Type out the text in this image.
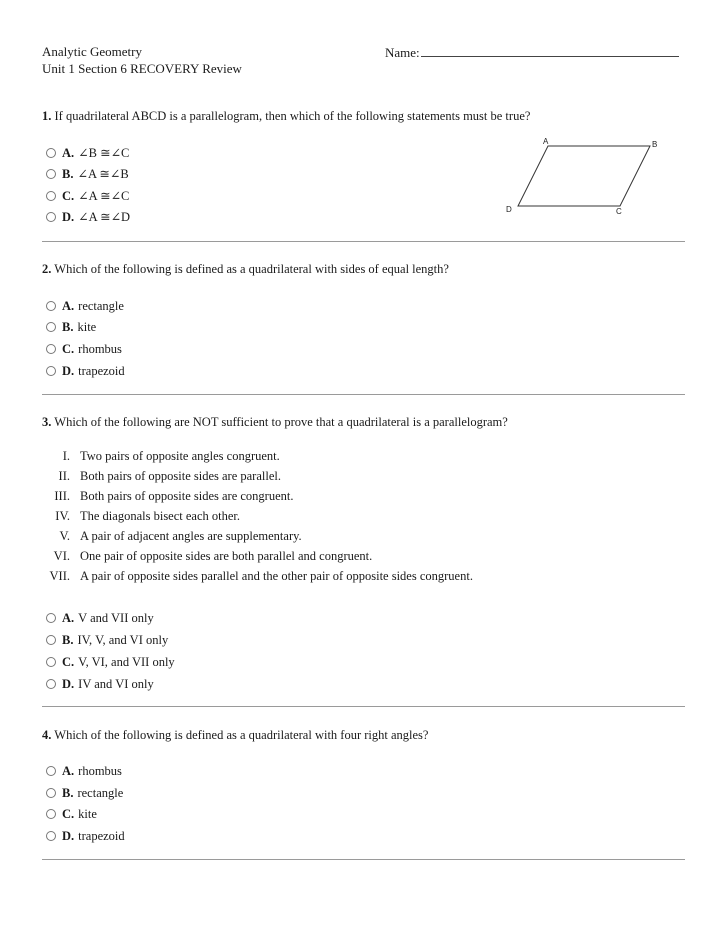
Analytic Geometry
Unit 1 Section 6 RECOVERY Review
Name:
1. If quadrilateral ABCD is a parallelogram, then which of the following statements must be true?
A. ∠B ≅∠C
B. ∠A ≅∠B
C. ∠A ≅∠C
D. ∠A ≅∠D
A	B
C
D
2. Which of the following is defined as a quadrilateral with sides of equal length?
A. rectangle
B. kite
C. rhombus
D. trapezoid
3. Which of the following are NOT sufficient to prove that a quadrilateral is a parallelogram?
I. Two pairs of opposite angles congruent.
II. Both pairs of opposite sides are parallel.
III. Both pairs of opposite sides are congruent.
IV. The diagonals bisect each other.
V. A pair of adjacent angles are supplementary.
VI. One pair of opposite sides are both parallel and congruent.
VII. A pair of opposite sides parallel and the other pair of opposite sides congruent.
A. V and VII only
B. IV, V, and VI only
C. V, VI, and VII only
D. IV and VI only
4. Which of the following is defined as a quadrilateral with four right angles?
A. rhombus
B. rectangle
C. kite
D. trapezoid
